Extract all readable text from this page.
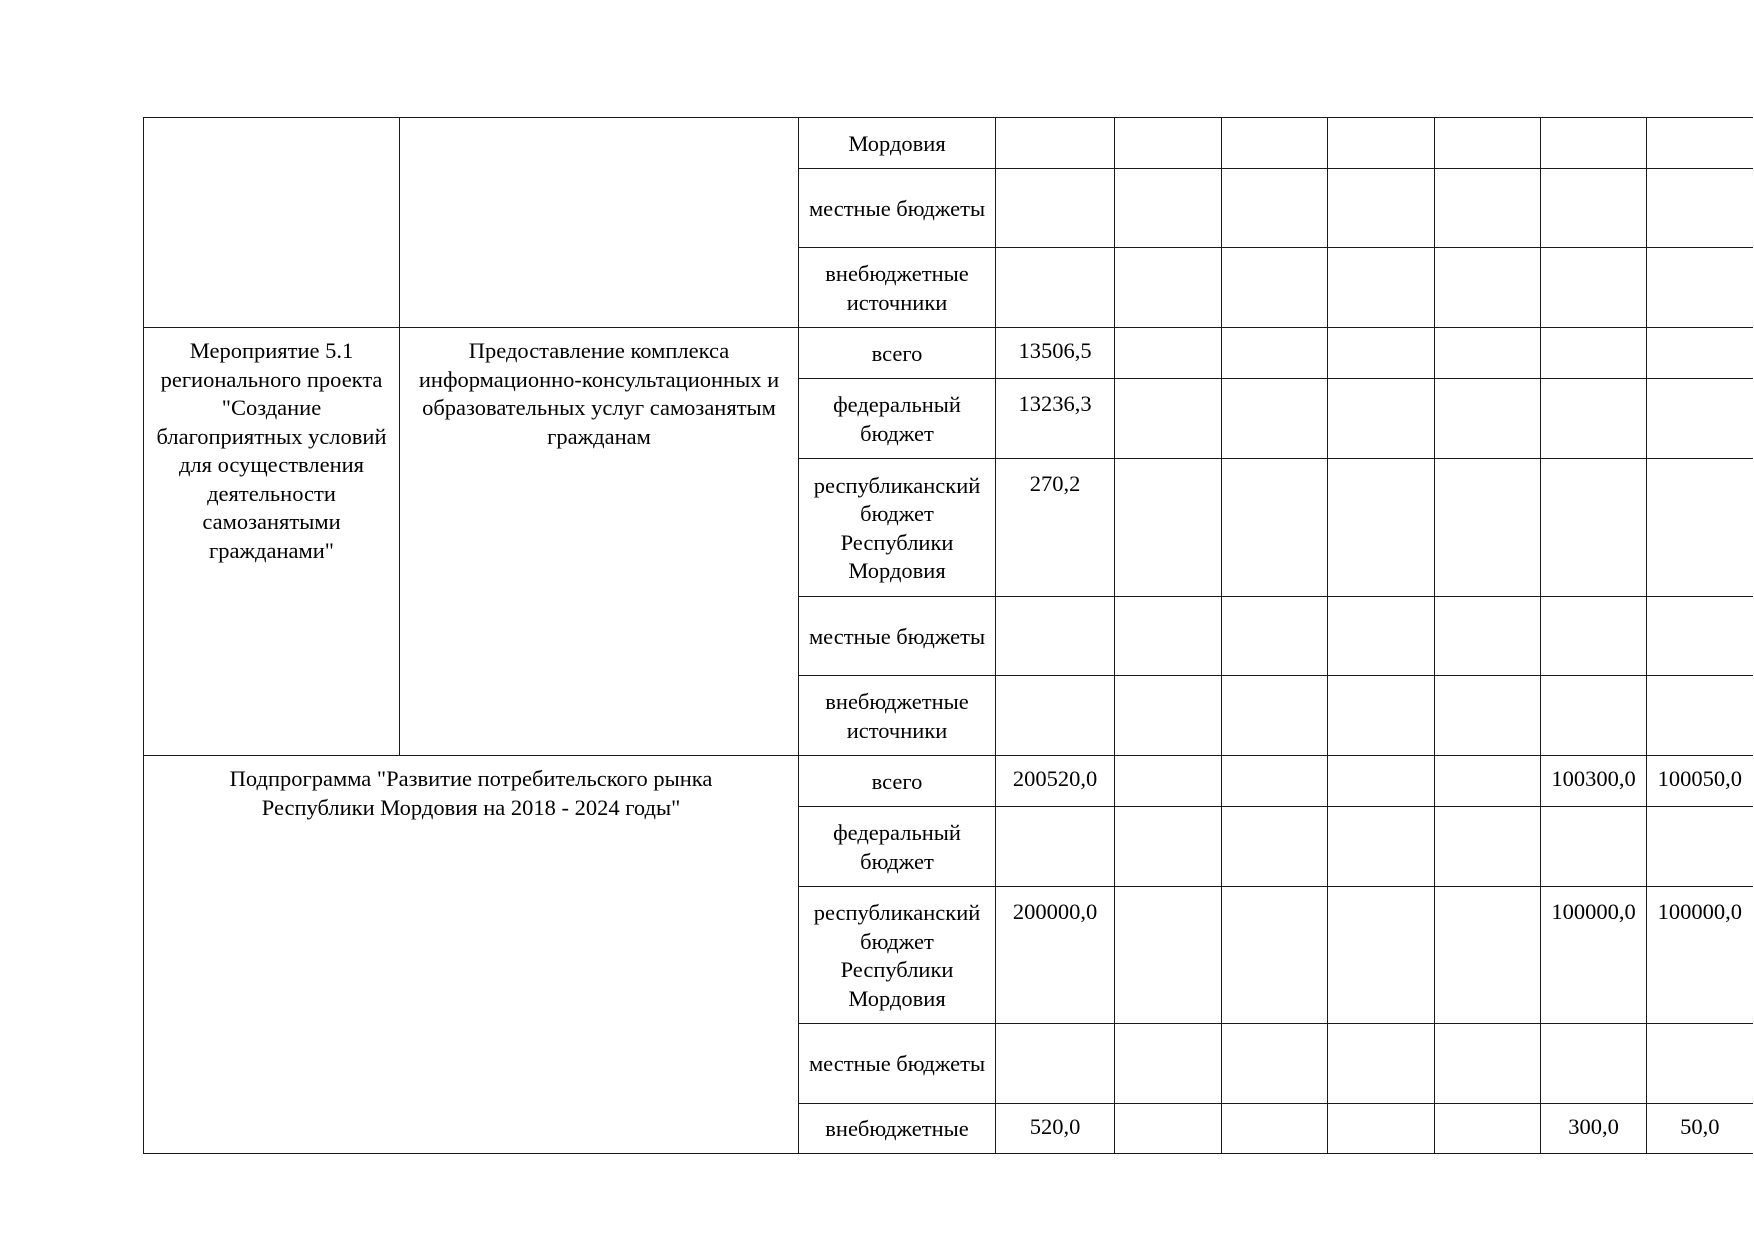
		Мордовия							
		местные бюджеты							
		внебюджетные источники							
Мероприятие 5.1 регионального проекта "Создание благоприятных условий для осуществления деятельности самозанятыми гражданами"	Предоставление комплекса информационно-консультационных и образовательных услуг самозанятым гражданам	всего	13506,5						
		федеральный бюджет	13236,3						
		республиканский бюджет Республики Мордовия	270,2						
		местные бюджеты							
		внебюджетные источники							
Подпрограмма "Развитие потребительского рынка Республики Мордовия на 2018 - 2024 годы"		всего	200520,0					100300,0	100050,0
		федеральный бюджет							
		республиканский бюджет Республики Мордовия	200000,0					100000,0	100000,0
		местные бюджеты							
		внебюджетные	520,0					300,0	50,0
